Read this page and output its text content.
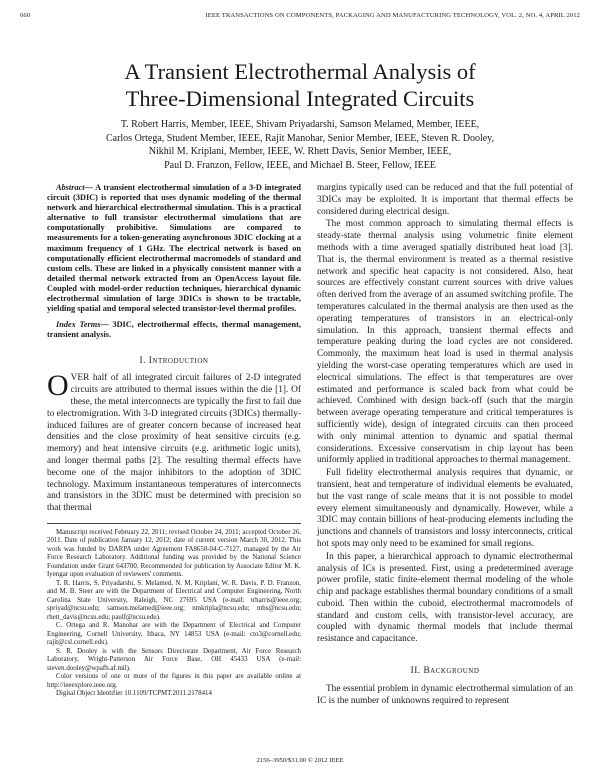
660	IEEE TRANSACTIONS ON COMPONENTS, PACKAGING AND MANUFACTURING TECHNOLOGY, VOL. 2, NO. 4, APRIL 2012
A Transient Electrothermal Analysis of
Three-Dimensional Integrated Circuits
T. Robert Harris, Member, IEEE, Shivam Priyadarshi, Samson Melamed, Member, IEEE,
Carlos Ortega, Student Member, IEEE, Rajit Manohar, Senior Member, IEEE, Steven R. Dooley,
Nikhil M. Kriplani, Member, IEEE, W. Rhett Davis, Senior Member, IEEE,
Paul D. Franzon, Fellow, IEEE, and Michael B. Steer, Fellow, IEEE

Abstract— A transient electrothermal simulation of a 3-D integrated circuit (3DIC) is reported that uses dynamic modeling of the thermal network and hierarchical electrothermal simulation. This is a practical alternative to full transistor electrothermal simulations that are computationally prohibitive. Simulations are compared to measurements for a token-generating asynchronous 3DIC clocking at a maximum frequency of 1 GHz. The electrical network is based on computationally efficient electrothermal macromodels of standard and custom cells. These are linked in a physically consistent manner with a detailed thermal network extracted from an OpenAccess layout file. Coupled with model-order reduction techniques, hierarchical dynamic electrothermal simulation of large 3DICs is shown to be tractable, yielding spatial and temporal selected transistor-level thermal profiles.

Index Terms— 3DIC, electrothermal effects, thermal management, transient analysis.

I. Introduction

OVER half of all integrated circuit failures of 2-D integrated circuits are attributed to thermal issues within the die [1]. Of these, the metal interconnects are typically the first to fail due to electromigration. With 3-D integrated circuits (3DICs) thermally-induced failures are of greater concern because of increased heat densities and the close proximity of heat sensitive circuits (e.g. memory) and heat intensive circuits (e.g. arithmetic logic units), and longer thermal paths [2]. The resulting thermal effects have become one of the major inhibitors to the adoption of 3DIC technology. Maximum instantaneous temperatures of interconnects and transistors in the 3DIC must be determined with precision so that thermal

Manuscript received February 22, 2011; revised October 24, 2011; accepted October 26, 2011. Date of publication January 12, 2012; date of current version March 30, 2012. This work was funded by DARPA under Agreement FA8650-04-C-7127, managed by the Air Force Research Laboratory. Additional funding was provided by the National Science Foundation under Grant 643700. Recommended for publication by Associate Editor M. K. Iyengar upon evaluation of reviewers' comments.

T. R. Harris, S. Priyadarshi, S. Melamed, N. M. Kriplani, W. R. Davis, P. D. Franzon, and M. B. Steer are with the Department of Electrical and Computer Engineering, North Carolina State University, Raleigh, NC 27695 USA (e-mail: trharris@ieee.org; spriyad@ncsu.edu; samson.melamed@ieee.org; nmkripla@ncsu.edu; mbs@ncsu.edu; rhett_davis@ncsu.edu; paulf@ncsu.edu).

C. Ortega and R. Manohar are with the Department of Electrical and Computer Engineering, Cornell University, Ithaca, NY 14853 USA (e-mail: cto3@cornell.edu; rajit@csl.cornell.edu).

S. R. Dooley is with the Sensors Directorate Department, Air Force Research Laboratory, Wright-Patterson Air Force Base, OH 45433 USA (e-mail: steven.dooley@wpafb.af.mil).

Color versions of one or more of the figures in this paper are available online at http://ieeexplore.ieee.org.

Digital Object Identifier 10.1109/TCPMT.2011.2178414

margins typically used can be reduced and that the full potential of 3DICs may be exploited. It is important that thermal effects be considered during electrical design.

The most common approach to simulating thermal effects is steady-state thermal analysis using volumetric finite element methods with a time averaged spatially distributed heat load [3]. That is, the thermal environment is treated as a thermal resistive network and specific heat capacity is not considered. Also, heat sources are effectively constant current sources with drive values often derived from the average of an assumed switching profile. The temperatures calculated in the thermal analysis are then used as the operating temperatures of transistors in an electrical-only simulation. In this approach, transient thermal effects and temperature peaking during the load cycles are not considered. Commonly, the maximum heat load is used in thermal analysis yielding the worst-case operating temperatures which are used in electrical simulations. The effect is that temperatures are over estimated and performance is scaled back from what could be achieved. Combined with design back-off (such that the margin between average operating temperature and critical temperatures is sufficiently wide), design of integrated circuits can then proceed with only minimal attention to dynamic and spatial thermal considerations. Excessive conservatism in chip layout has been uniformly applied in traditional approaches to thermal management.

Full fidelity electrothermal analysis requires that dynamic, or transient, heat and temperature of individual elements be evaluated, but the vast range of scale means that it is not possible to model every element simultaneously and dynamically. However, while a 3DIC may contain billions of heat-producing elements including the junctions and channels of transistors and lossy interconnects, critical hot spots may only need to be examined for small regions.

In this paper, a hierarchical approach to dynamic electrothermal analysis of ICs is presented. First, using a predetermined average power profile, static finite-element thermal modeling of the whole chip and package establishes thermal boundary conditions of a small cuboid. Then within the cuboid, electrothermal macromodels of standard and custom cells, with transistor-level accuracy, are coupled with dynamic thermal models that include thermal resistance and capacitance.

II. Background

The essential problem in dynamic electrothermal simulation of an IC is the number of unknowns required to represent

2156–3950/$31.00 © 2012 IEEE
